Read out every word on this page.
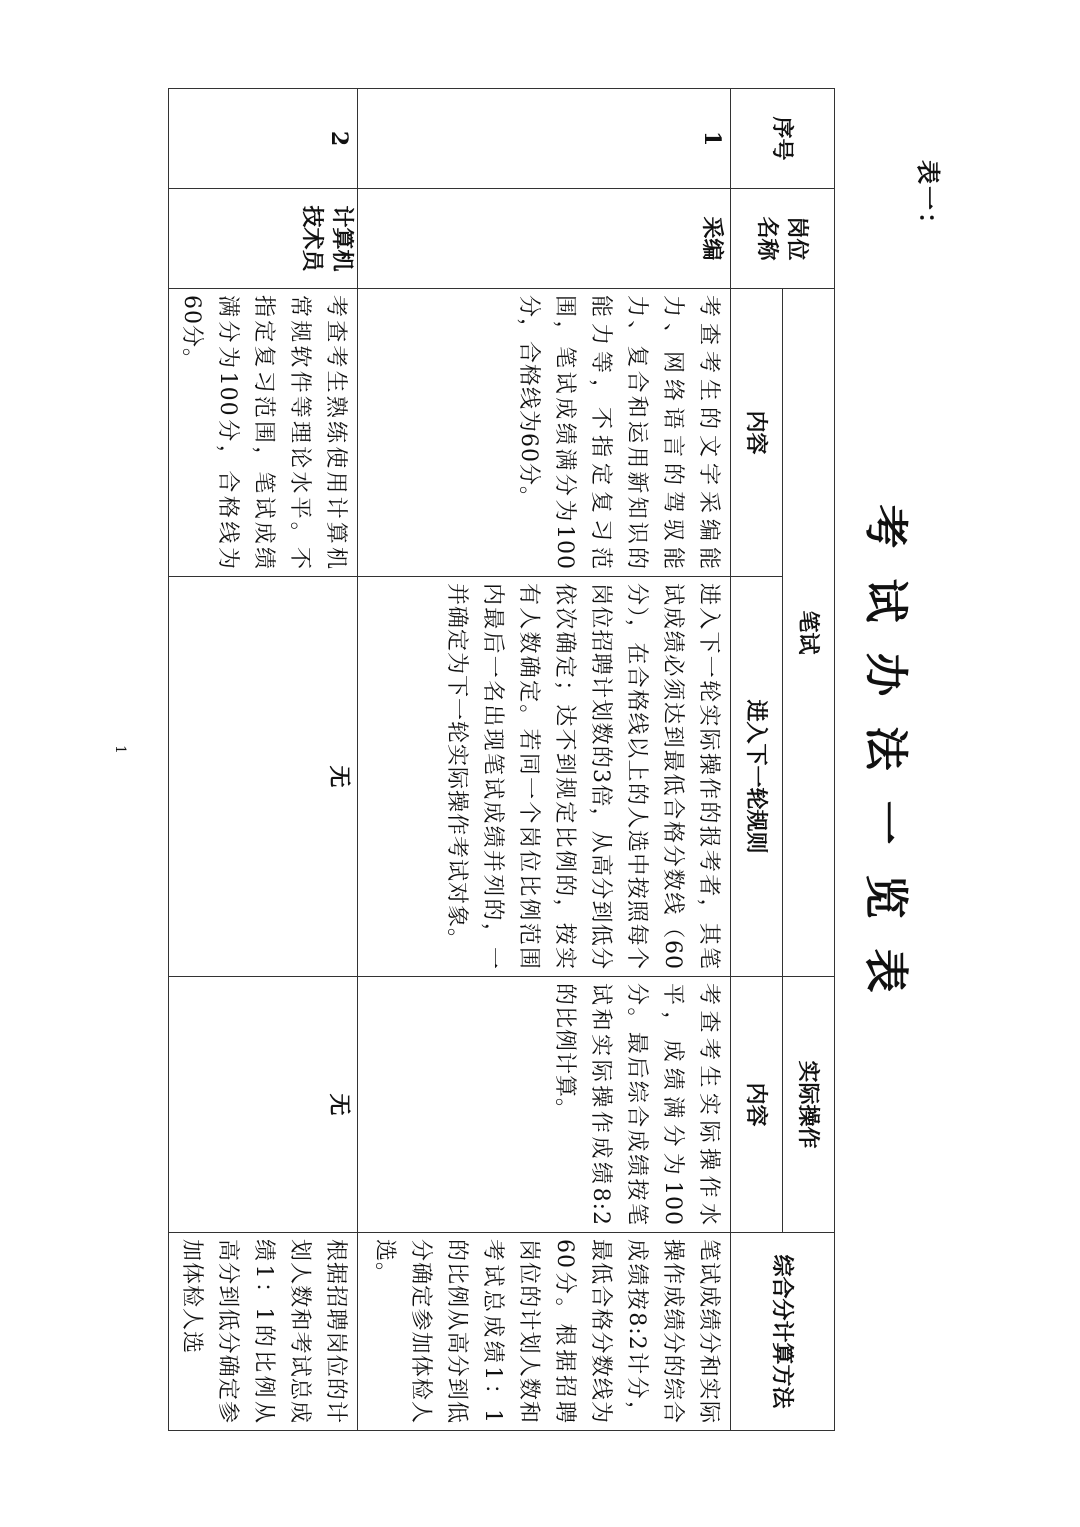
表一：
考试办法一览表
序号	岗位
名称	笔试		实际操作	综合分计算方法
		内容	进入下一轮规则	内容	
1	采编	考查考生的文字采编能力、网络语言的驾驭能力、复合和运用新知识的能力等，不指定复习范围，笔试成绩满分为100分，合格线为60分。	进入下一轮实际操作的报考者，其笔试成绩必须达到最低合格分数线（60分），在合格线以上的人选中按照每个岗位招聘计划数的3倍，从高分到低分依次确定；达不到规定比例的，按实有人数确定。若同一个岗位比例范围内最后一名出现笔试成绩并列的，一并确定为下一轮实际操作考试对象。	考查考生实际操作水平，成绩满分为100分。最后综合成绩按笔试和实际操作成绩8:2的比例计算。	笔试成绩分和实际操作成绩分的综合成绩按8:2计分，最低合格分数线为60分。根据招聘岗位的计划人数和考试总成绩1：1的比例从高分到低分确定参加体检人选。

2	计算机
技术员	考查考生熟练使用计算机常规软件等理论水平。不指定复习范围，笔试成绩满分为100分，合格线为60分。	无	无	根据招聘岗位的计划人数和考试总成绩1：1的比例从高分到低分确定参加体检人选
1
